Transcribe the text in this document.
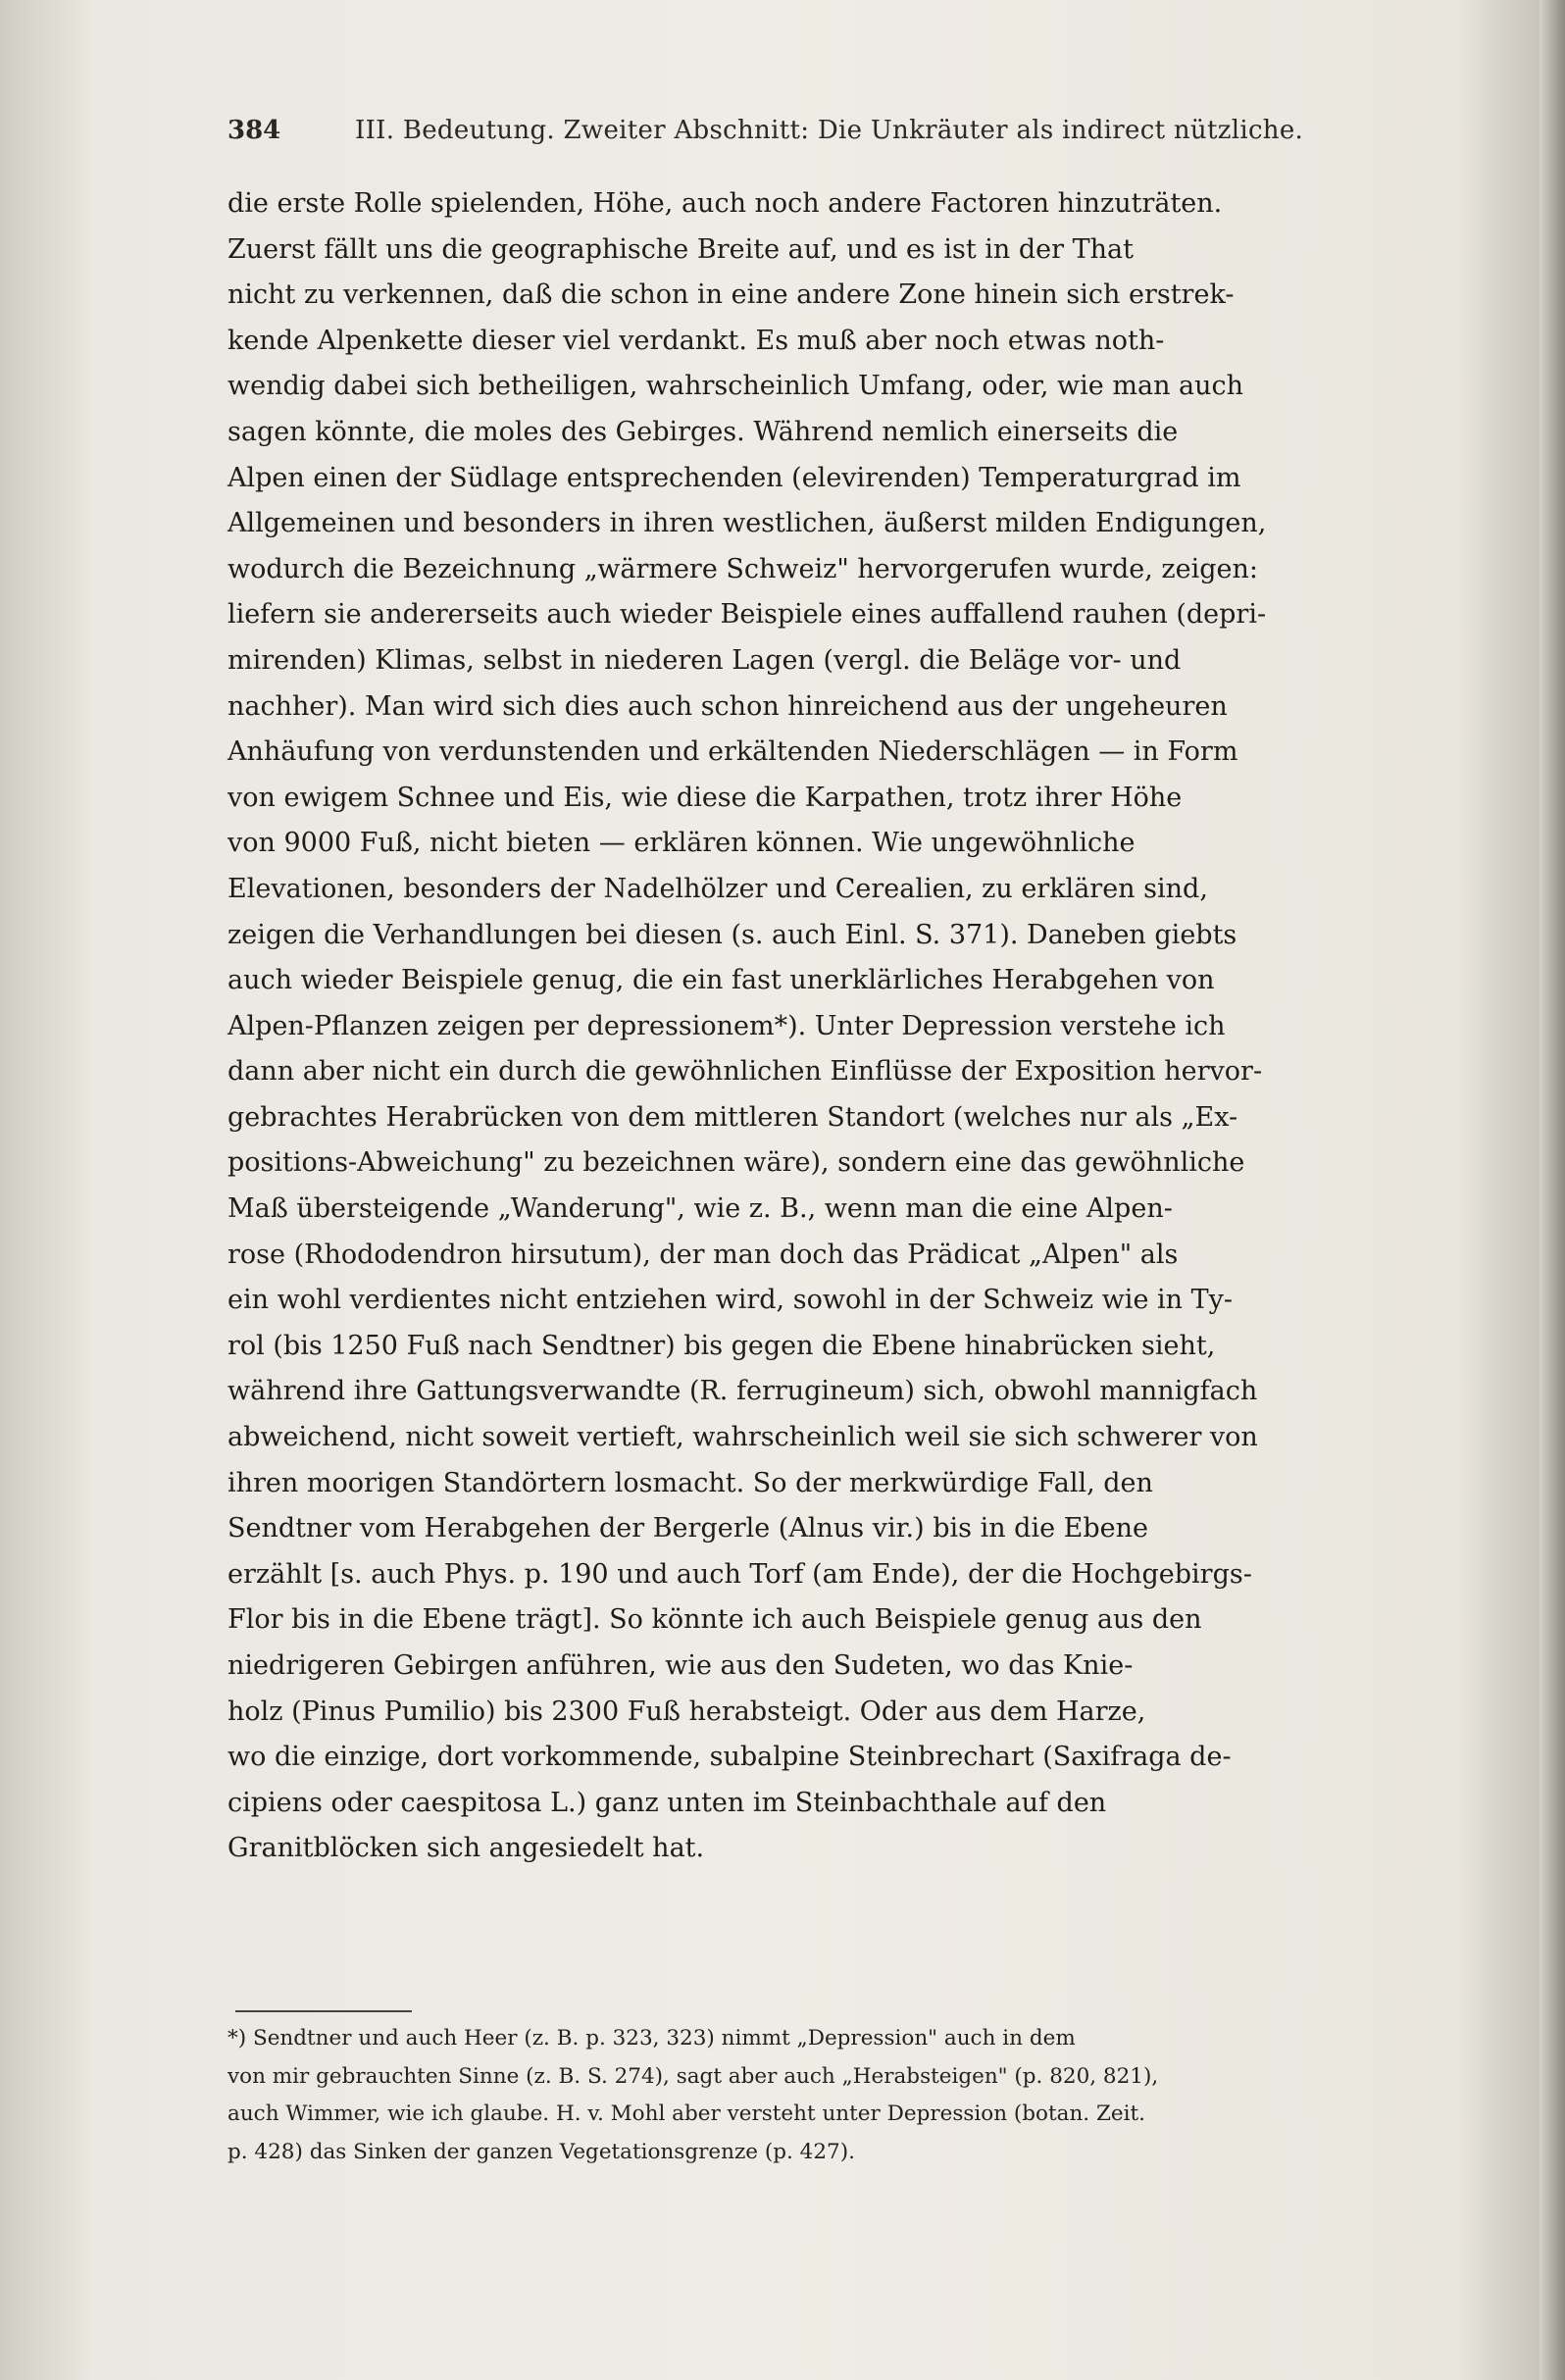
384	III. Bedeutung. Zweiter Abschnitt: Die Unkräuter als indirect nützliche.
die erste Rolle spielenden, Höhe, auch noch andere Factoren hinzuträten.
Zuerst fällt uns die geographische Breite auf, und es ist in der That
nicht zu verkennen, daß die schon in eine andere Zone hinein sich erstrek-
kende Alpenkette dieser viel verdankt. Es muß aber noch etwas noth-
wendig dabei sich betheiligen, wahrscheinlich Umfang, oder, wie man auch
sagen könnte, die moles des Gebirges. Während nemlich einerseits die
Alpen einen der Südlage entsprechenden (elevirenden) Temperaturgrad im
Allgemeinen und besonders in ihren westlichen, äußerst milden Endigungen,
wodurch die Bezeichnung „wärmere Schweiz" hervorgerufen wurde, zeigen:
liefern sie andererseits auch wieder Beispiele eines auffallend rauhen (depri-
mirenden) Klimas, selbst in niederen Lagen (vergl. die Beläge vor- und
nachher). Man wird sich dies auch schon hinreichend aus der ungeheuren
Anhäufung von verdunstenden und erkältenden Niederschlägen — in Form
von ewigem Schnee und Eis, wie diese die Karpathen, trotz ihrer Höhe
von 9000 Fuß, nicht bieten — erklären können. Wie ungewöhnliche
Elevationen, besonders der Nadelhölzer und Cerealien, zu erklären sind,
zeigen die Verhandlungen bei diesen (s. auch Einl. S. 371). Daneben giebts
auch wieder Beispiele genug, die ein fast unerklärliches Herabgehen von
Alpen-Pflanzen zeigen per depressionem*). Unter Depression verstehe ich
dann aber nicht ein durch die gewöhnlichen Einflüsse der Exposition hervor-
gebrachtes Herabrücken von dem mittleren Standort (welches nur als „Ex-
positions-Abweichung" zu bezeichnen wäre), sondern eine das gewöhnliche
Maß übersteigende „Wanderung", wie z. B., wenn man die eine Alpen-
rose (Rhododendron hirsutum), der man doch das Prädicat „Alpen" als
ein wohl verdientes nicht entziehen wird, sowohl in der Schweiz wie in Ty-
rol (bis 1250 Fuß nach Sendtner) bis gegen die Ebene hinabrücken sieht,
während ihre Gattungsverwandte (R. ferrugineum) sich, obwohl mannigfach
abweichend, nicht soweit vertieft, wahrscheinlich weil sie sich schwerer von
ihren moorigen Standörtern losmacht. So der merkwürdige Fall, den
Sendtner vom Herabgehen der Bergerle (Alnus vir.) bis in die Ebene
erzählt [s. auch Phys. p. 190 und auch Torf (am Ende), der die Hochgebirgs-
Flor bis in die Ebene trägt]. So könnte ich auch Beispiele genug aus den
niedrigeren Gebirgen anführen, wie aus den Sudeten, wo das Knie-
holz (Pinus Pumilio) bis 2300 Fuß herabsteigt. Oder aus dem Harze,
wo die einzige, dort vorkommende, subalpine Steinbrechart (Saxifraga de-
cipiens oder caespitosa L.) ganz unten im Steinbachthale auf den
Granitblöcken sich angesiedelt hat.
*) Sendtner und auch Heer (z. B. p. 323, 323) nimmt „Depression" auch in dem
von mir gebrauchten Sinne (z. B. S. 274), sagt aber auch „Herabsteigen" (p. 820, 821),
auch Wimmer, wie ich glaube. H. v. Mohl aber versteht unter Depression (botan. Zeit.
p. 428) das Sinken der ganzen Vegetationsgrenze (p. 427).
